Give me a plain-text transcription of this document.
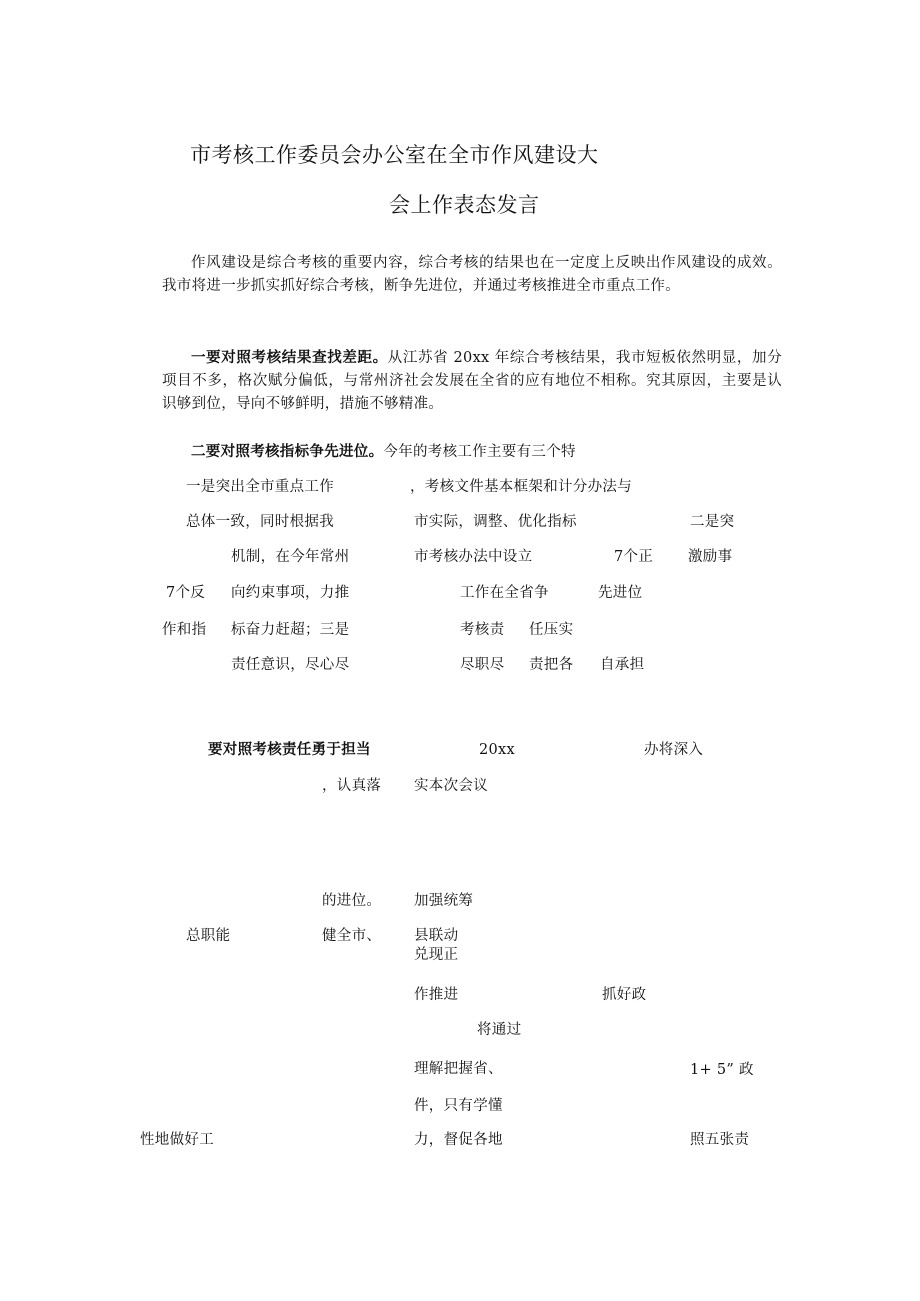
市考核工作委员会办公室在全市作风建设大
会上作表态发言

作风建设是综合考核的重要内容，综合考核的结果也在一定度上反映出作风建设的成效。我市将进一步抓实抓好综合考核，断争先进位，并通过考核推进全市重点工作。

一要对照考核结果查找差距。从江苏省 20xx 年综合考核结果，我市短板依然明显，加分项目不多，格次赋分偏低，与常州济社会发展在全省的应有地位不相称。究其原因，主要是认识够到位，导向不够鲜明，措施不够精准。

二要对照考核指标争先进位。今年的考核工作主要有三个特

一是突出全市重点工作	，考核文件基本框架和计分办法与
总体一致，同时根据我	市实际，调整、优化指标	二是突
机制，在今年常州	市考核办法中设立	7个正 激励事
7个反 向约束事项，力推	工作在全省争	先进位
作和指 标奋力赶超；三是	考核责 任压实
责任意识，尽心尽	尽职尽 责把各 自承担
要对照考核责任勇于担当	20xx	办将深入
，认真落 实本次会议
的进位。 加强统筹
总职能	健全市、 县联动
兑现正
作推进	抓好政
将通过
理解把握省、	1+ 5” 政
件，只有学懂
性地做好工	力，督促各地	照五张责
